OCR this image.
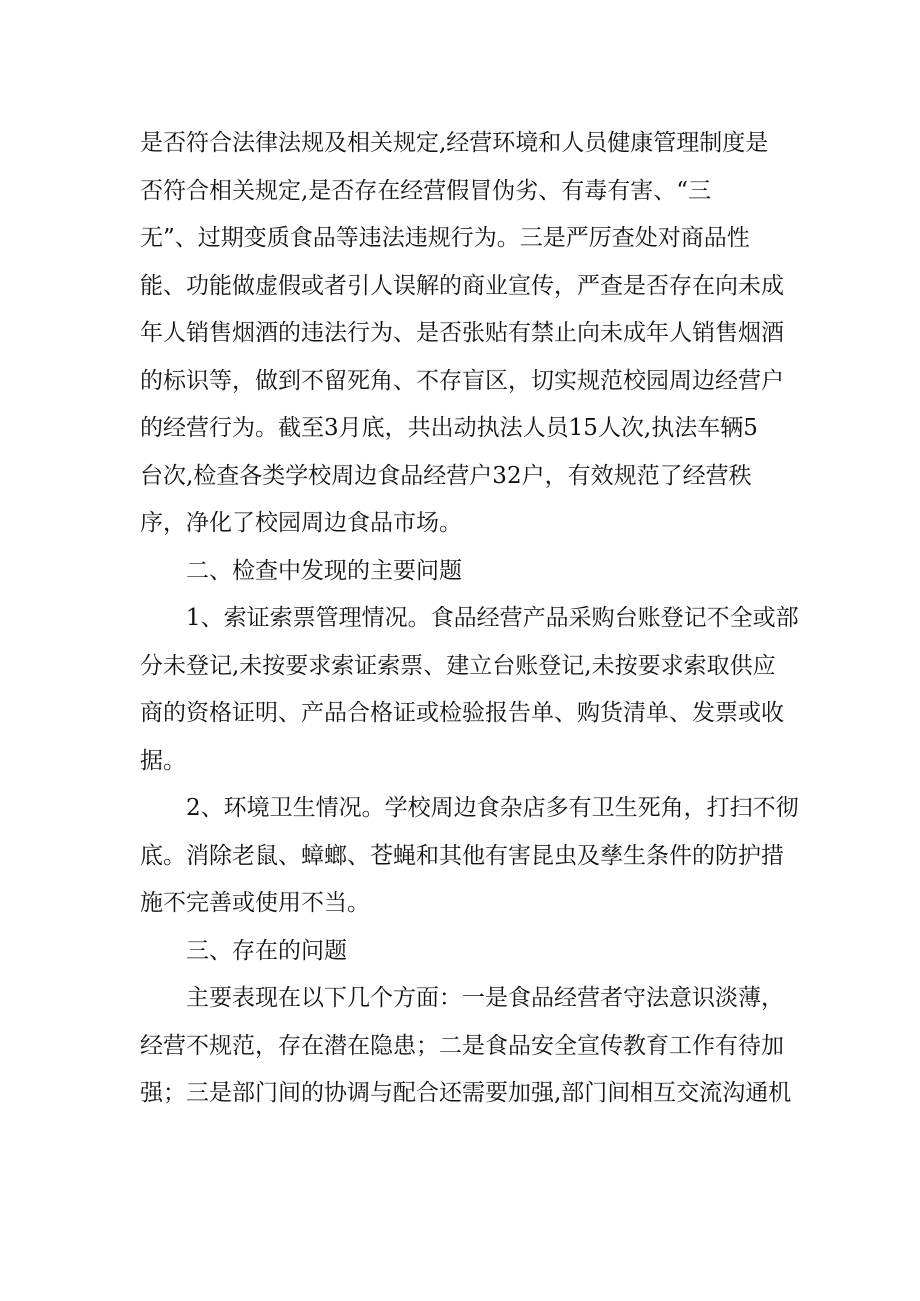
是否符合法律法规及相关规定,经营环境和人员健康管理制度是
否符合相关规定,是否存在经营假冒伪劣、有毒有害、“三
无”、过期变质食品等违法违规行为。三是严厉查处对商品性
能、功能做虚假或者引人误解的商业宣传，严查是否存在向未成
年人销售烟酒的违法行为、是否张贴有禁止向未成年人销售烟酒
的标识等，做到不留死角、不存盲区，切实规范校园周边经营户
的经营行为。截至3月底，共出动执法人员15人次,执法车辆5
台次,检查各类学校周边食品经营户32户，有效规范了经营秩
序，净化了校园周边食品市场。
二、检查中发现的主要问题
1、索证索票管理情况。食品经营产品采购台账登记不全或部
分未登记,未按要求索证索票、建立台账登记,未按要求索取供应
商的资格证明、产品合格证或检验报告单、购货清单、发票或收
据。
2、环境卫生情况。学校周边食杂店多有卫生死角，打扫不彻
底。消除老鼠、蟑螂、苍蝇和其他有害昆虫及孳生条件的防护措
施不完善或使用不当。
三、存在的问题
主要表现在以下几个方面：一是食品经营者守法意识淡薄，
经营不规范，存在潜在隐患；二是食品安全宣传教育工作有待加
强；三是部门间的协调与配合还需要加强,部门间相互交流沟通机
